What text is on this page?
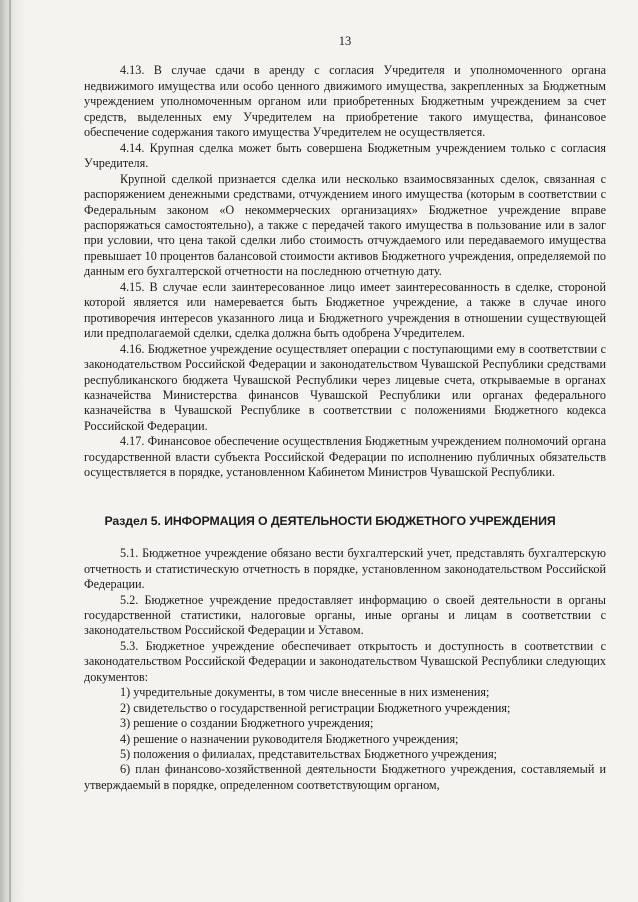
13

4.13. В случае сдачи в аренду с согласия Учредителя и уполномоченного органа недвижимого имущества или особо ценного движимого имущества, закрепленных за Бюджетным учреждением уполномоченным органом или приобретенных Бюджетным учреждением за счет средств, выделенных ему Учредителем на приобретение такого имущества, финансовое обеспечение содержания такого имущества Учредителем не осуществляется.

4.14. Крупная сделка может быть совершена Бюджетным учреждением только с согласия Учредителя.

Крупной сделкой признается сделка или несколько взаимосвязанных сделок, связанная с распоряжением денежными средствами, отчуждением иного имущества (которым в соответствии с Федеральным законом «О некоммерческих организациях» Бюджетное учреждение вправе распоряжаться самостоятельно), а также с передачей такого имущества в пользование или в залог при условии, что цена такой сделки либо стоимость отчуждаемого или передаваемого имущества превышает 10 процентов балансовой стоимости активов Бюджетного учреждения, определяемой по данным его бухгалтерской отчетности на последнюю отчетную дату.

4.15. В случае если заинтересованное лицо имеет заинтересованность в сделке, стороной которой является или намеревается быть Бюджетное учреждение, а также в случае иного противоречия интересов указанного лица и Бюджетного учреждения в отношении существующей или предполагаемой сделки, сделка должна быть одобрена Учредителем.

4.16. Бюджетное учреждение осуществляет операции с поступающими ему в соответствии с законодательством Российской Федерации и законодательством Чувашской Республики средствами республиканского бюджета Чувашской Республики через лицевые счета, открываемые в органах казначейства Министерства финансов Чувашской Республики или органах федерального казначейства в Чувашской Республике в соответствии с положениями Бюджетного кодекса Российской Федерации.

4.17. Финансовое обеспечение осуществления Бюджетным учреждением полномочий органа государственной власти субъекта Российской Федерации по исполнению публичных обязательств осуществляется в порядке, установленном Кабинетом Министров Чувашской Республики.

Раздел 5. ИНФОРМАЦИЯ О ДЕЯТЕЛЬНОСТИ БЮДЖЕТНОГО УЧРЕЖДЕНИЯ

5.1. Бюджетное учреждение обязано вести бухгалтерский учет, представлять бухгалтерскую отчетность и статистическую отчетность в порядке, установленном законодательством Российской Федерации.

5.2. Бюджетное учреждение предоставляет информацию о своей деятельности в органы государственной статистики, налоговые органы, иные органы и лицам в соответствии с законодательством Российской Федерации и Уставом.

5.3. Бюджетное учреждение обеспечивает открытость и доступность в соответствии с законодательством Российской Федерации и законодательством Чувашской Республики следующих документов:

1) учредительные документы, в том числе внесенные в них изменения;

2) свидетельство о государственной регистрации Бюджетного учреждения;

3) решение о создании Бюджетного учреждения;

4) решение о назначении руководителя Бюджетного учреждения;

5) положения о филиалах, представительствах Бюджетного учреждения;

6) план финансово-хозяйственной деятельности Бюджетного учреждения, составляемый и утверждаемый в порядке, определенном соответствующим органом,
